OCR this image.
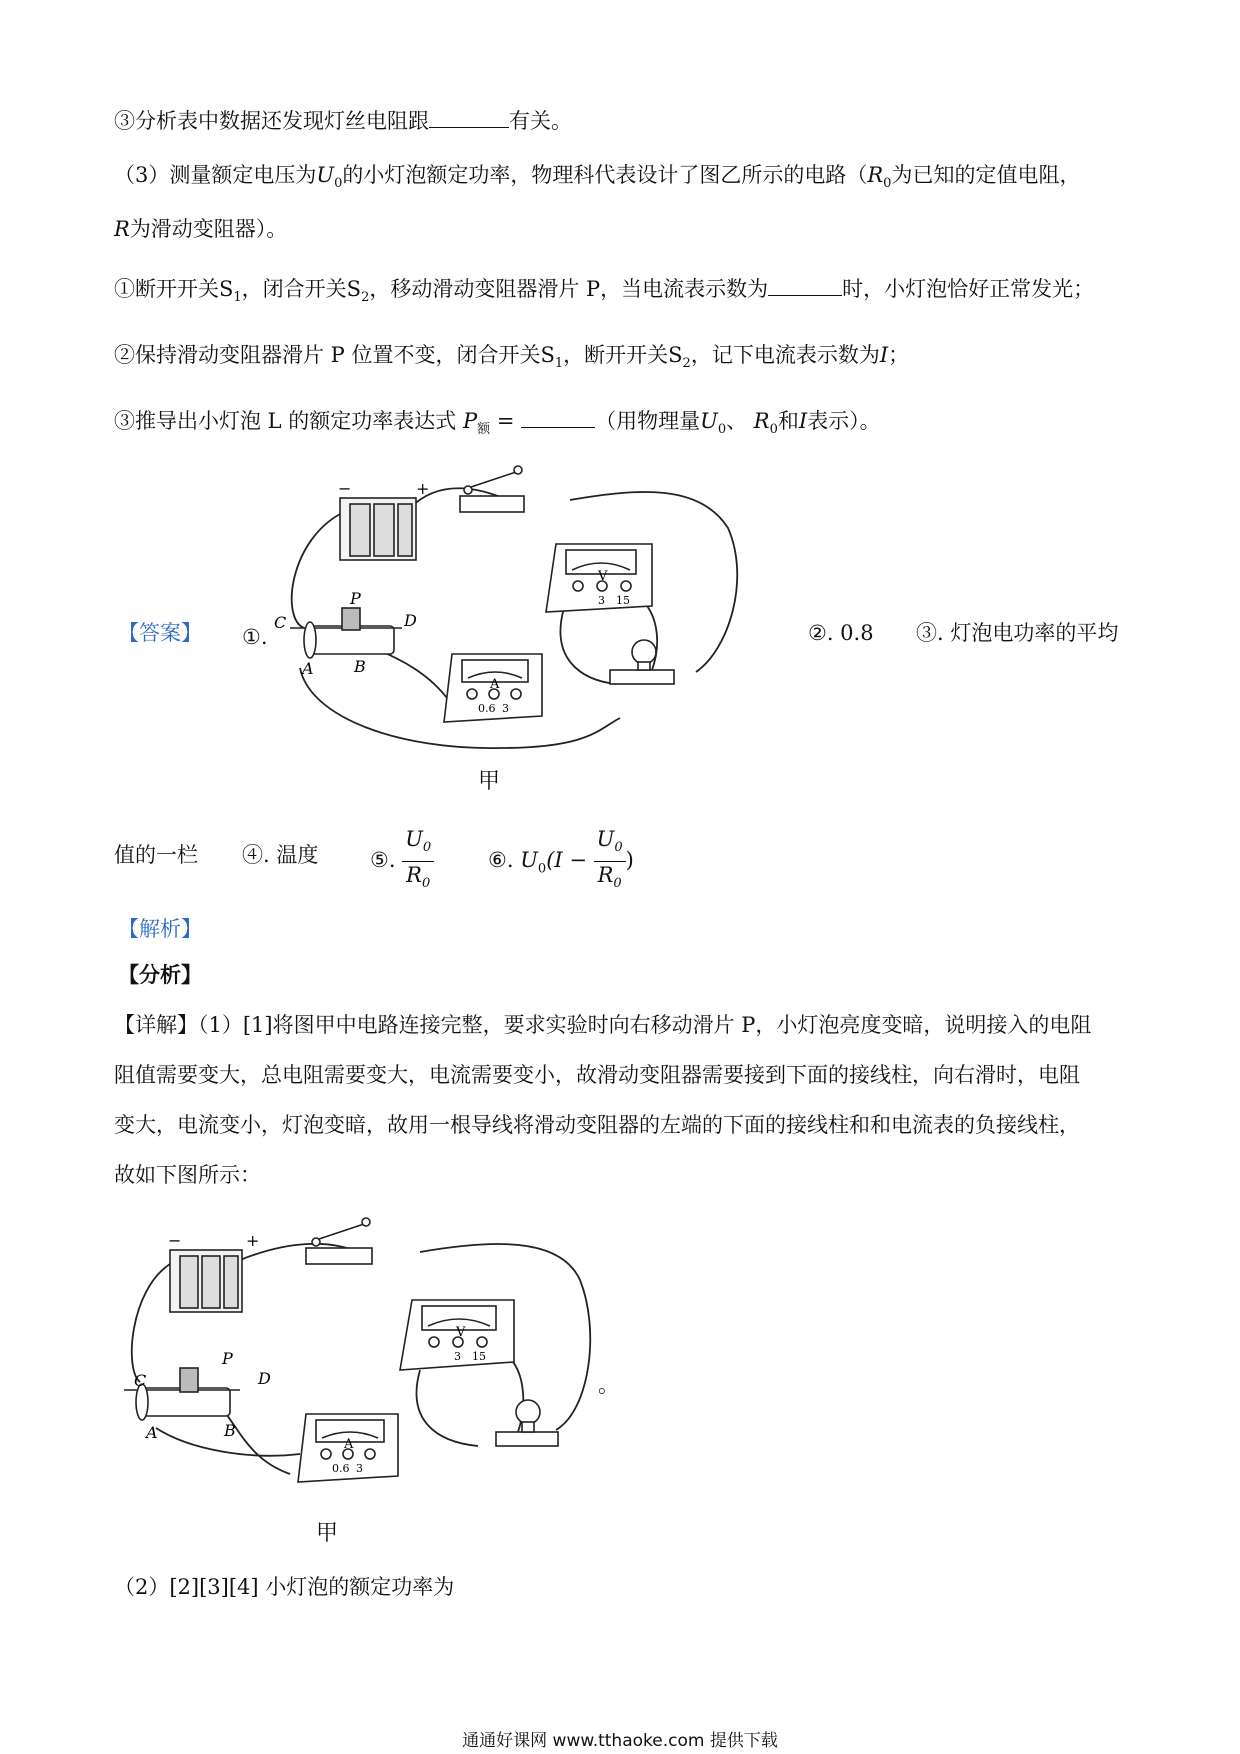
③分析表中数据还发现灯丝电阻跟	有关。
（3）测量额定电压为$U_0$的小灯泡额定功率，物理科代表设计了图乙所示的电路（$R_0$为已知的定值电阻，
R为滑动变阻器）。
①断开开关$S_1$，闭合开关$S_2$，移动滑动变阻器滑片 P，当电流表示数为	时，小灯泡恰好正常发光；
②保持滑动变阻器滑片 P 位置不变，闭合开关$S_1$，断开开关$S_2$，记下电流表示数为I；
③推导出小灯泡 L 的额定功率表达式 $P_额$ =	（用物理量$U_0$、 $R_0$和I表示）。
【答案】 ①.	②. 0.8 ③. 灯泡电功率的平均
−	+
V
3 15
C
P
D
A	B
A
0.6 3
甲
值的一栏 ④. 温度 ⑤. $\frac{U_0}{R_0}$	⑥. $U_0(I - \frac{U_0}{R_0}$ )
【解析】
【分析】
【详解】（1）[1]将图甲中电路连接完整，要求实验时向右移动滑片 P，小灯泡亮度变暗，说明接入的电阻
阻值需要变大，总电阻需要变大，电流需要变小，故滑动变阻器需要接到下面的接线柱，向右滑时，电阻
变大，电流变小，灯泡变暗，故用一根导线将滑动变阻器的左端的下面的接线柱和和电流表的负接线柱，
故如下图所示：
−	+
V
3 15
C
P
D
A	B
A
0.6 3
。
甲
（2）[2][3][4] 小灯泡的额定功率为
通通好课网 www.tthaoke.com 提供下载
